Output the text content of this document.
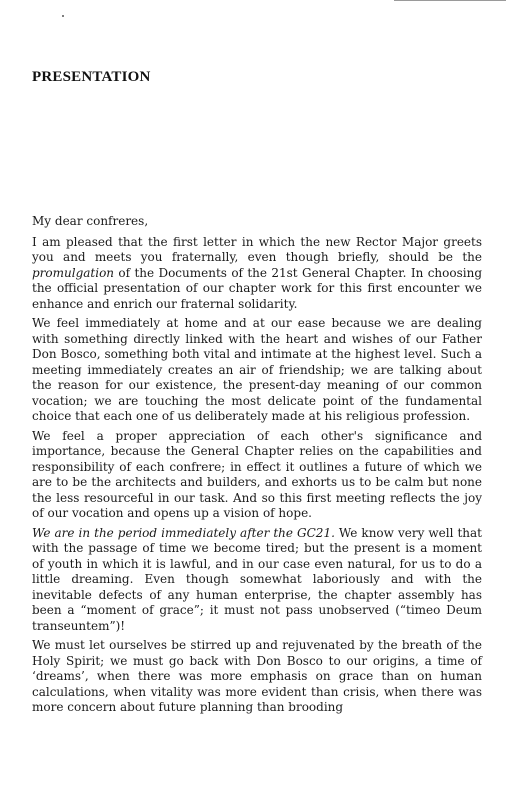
PRESENTATION

My dear confreres,

I am pleased that the first letter in which the new Rector Major greets you and meets you fraternally, even though briefly, should be the promulgation of the Documents of the 21st General Chapter. In choosing the official presentation of our chapter work for this first encounter we enhance and enrich our fraternal solidarity.

We feel immediately at home and at our ease because we are dealing with something directly linked with the heart and wishes of our Father Don Bosco, something both vital and intimate at the highest level. Such a meeting immediately creates an air of friendship; we are talking about the reason for our existence, the present-day meaning of our common vocation; we are touching the most delicate point of the fundamental choice that each one of us deliberately made at his religious profession.

We feel a proper appreciation of each other's significance and importance, because the General Chapter relies on the capabilities and responsibility of each confrere; in effect it outlines a future of which we are to be the architects and builders, and exhorts us to be calm but none the less resourceful in our task. And so this first meeting reflects the joy of our vocation and opens up a vision of hope.

We are in the period immediately after the GC21. We know very well that with the passage of time we become tired; but the present is a moment of youth in which it is lawful, and in our case even natural, for us to do a little dreaming. Even though somewhat laboriously and with the inevitable defects of any human enterprise, the chapter assembly has been a “moment of grace”; it must not pass unobserved (“timeo Deum transeuntem”)!

We must let ourselves be stirred up and rejuvenated by the breath of the Holy Spirit; we must go back with Don Bosco to our origins, a time of ‘dreams’, when there was more emphasis on grace than on human calculations, when vitality was more evident than crisis, when there was more concern about future planning than brooding
